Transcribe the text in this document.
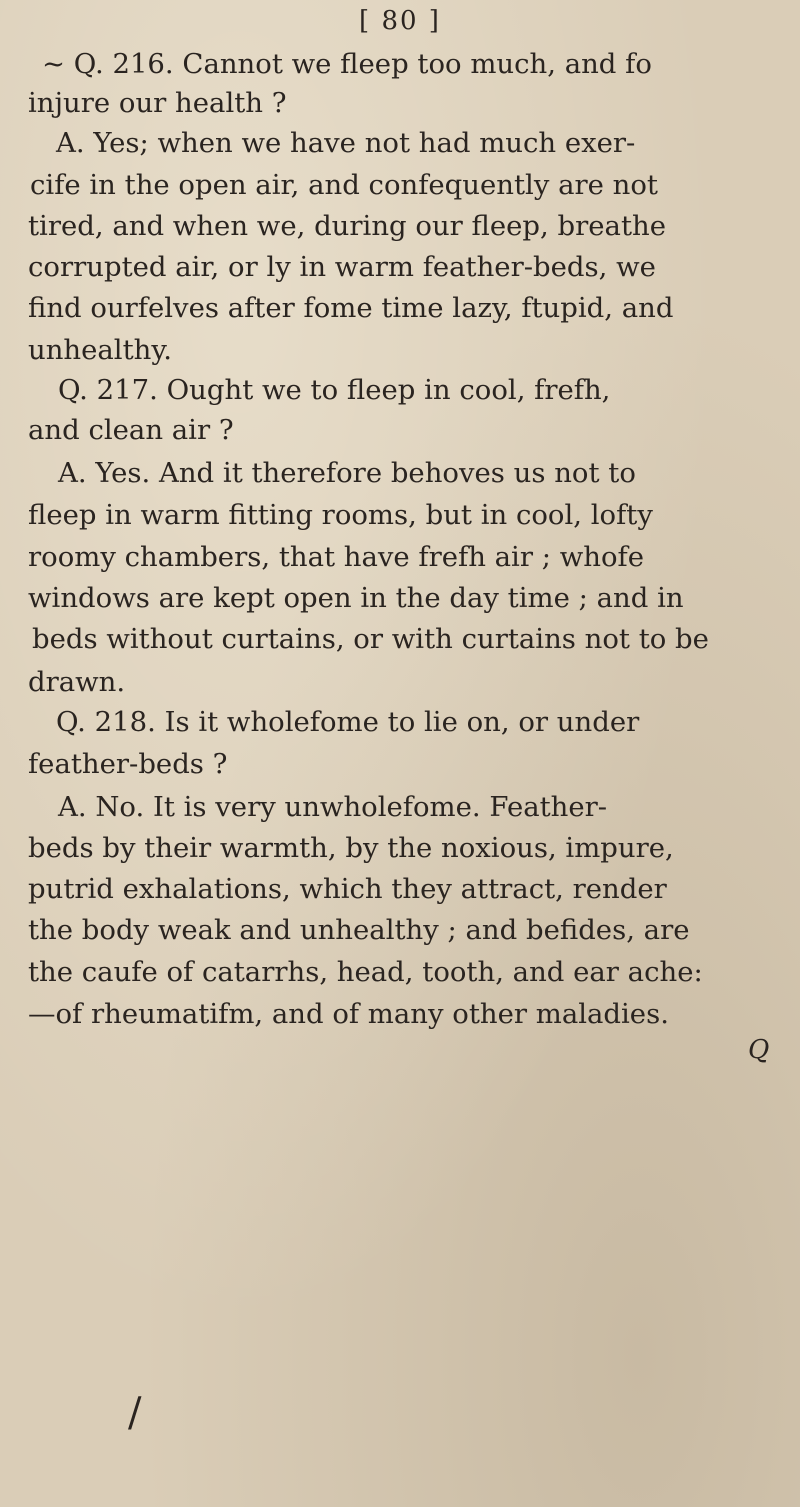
[ 80 ]
~ Q. 216. Cannot we fleep too much, and fo
injure our health ?
A. Yes; when we have not had much exer-
cife in the open air, and confequently are not
tired, and when we, during our fleep, breathe
corrupted air, or ly in warm feather-beds, we
find ourfelves after fome time lazy, ftupid, and
unhealthy.
Q. 217. Ought we to fleep in cool, frefh,
and clean air ?
A. Yes. And it therefore behoves us not to
fleep in warm fitting rooms, but in cool, lofty
roomy chambers, that have frefh air ; whofe
windows are kept open in the day time ; and in
beds without curtains, or with curtains not to be
drawn.
Q. 218. Is it wholefome to lie on, or under
feather-beds ?
A. No. It is very unwholefome. Feather-
beds by their warmth, by the noxious, impure,
putrid exhalations, which they attract, render
the body weak and unhealthy ; and befides, are
the caufe of catarrhs, head, tooth, and ear ache:
—of rheumatifm, and of many other maladies.
Q
/
